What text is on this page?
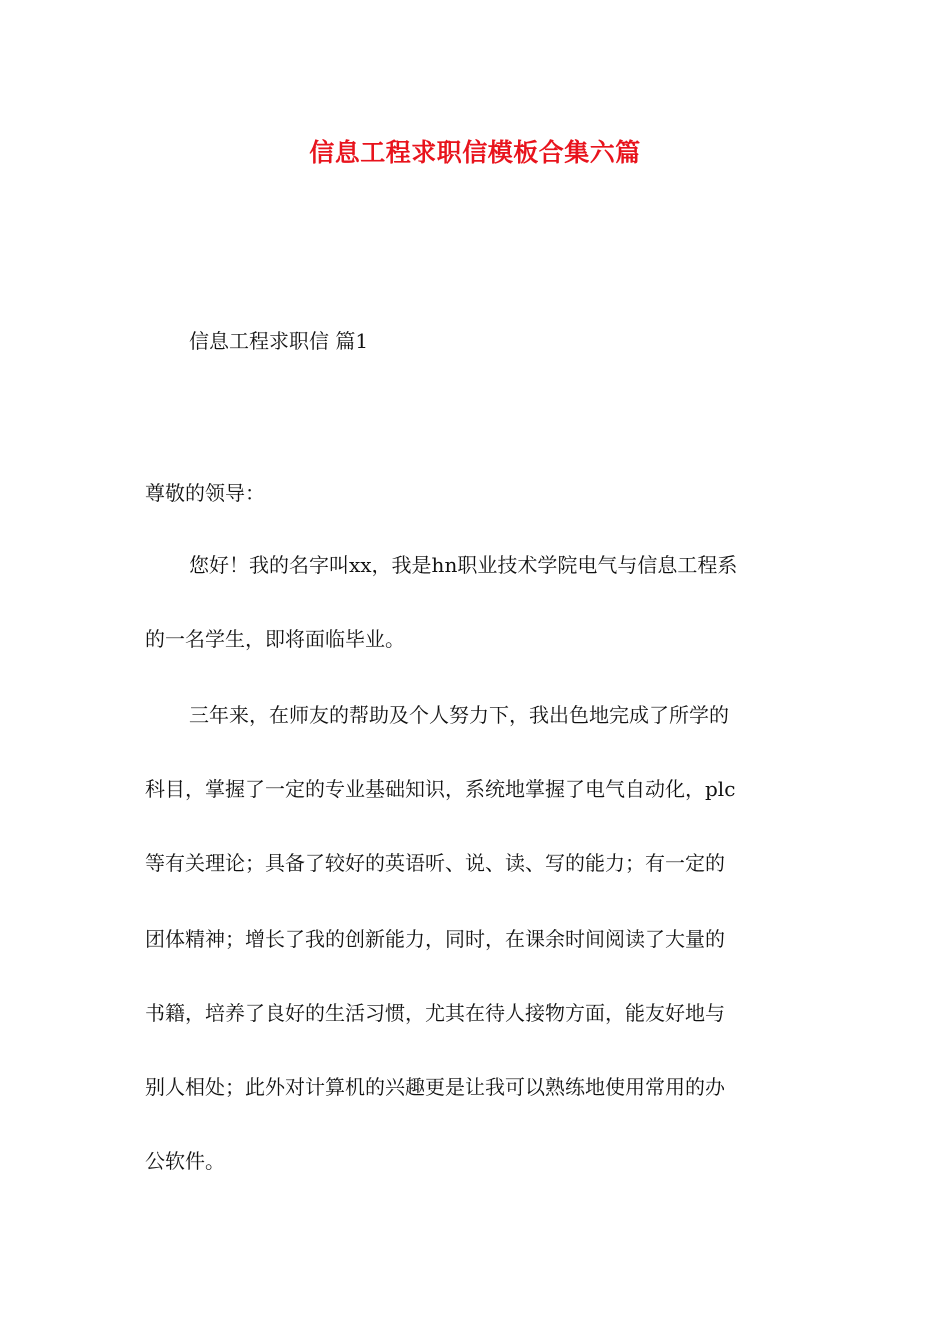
信息工程求职信模板合集六篇
信息工程求职信 篇1
尊敬的领导：
您好！我的名字叫xx，我是hn职业技术学院电气与信息工程系
的一名学生，即将面临毕业。
三年来，在师友的帮助及个人努力下，我出色地完成了所学的
科目，掌握了一定的专业基础知识，系统地掌握了电气自动化，plc
等有关理论；具备了较好的英语听、说、读、写的能力；有一定的
团体精神；增长了我的创新能力，同时，在课余时间阅读了大量的
书籍，培养了良好的生活习惯，尤其在待人接物方面，能友好地与
别人相处；此外对计算机的兴趣更是让我可以熟练地使用常用的办
公软件。
